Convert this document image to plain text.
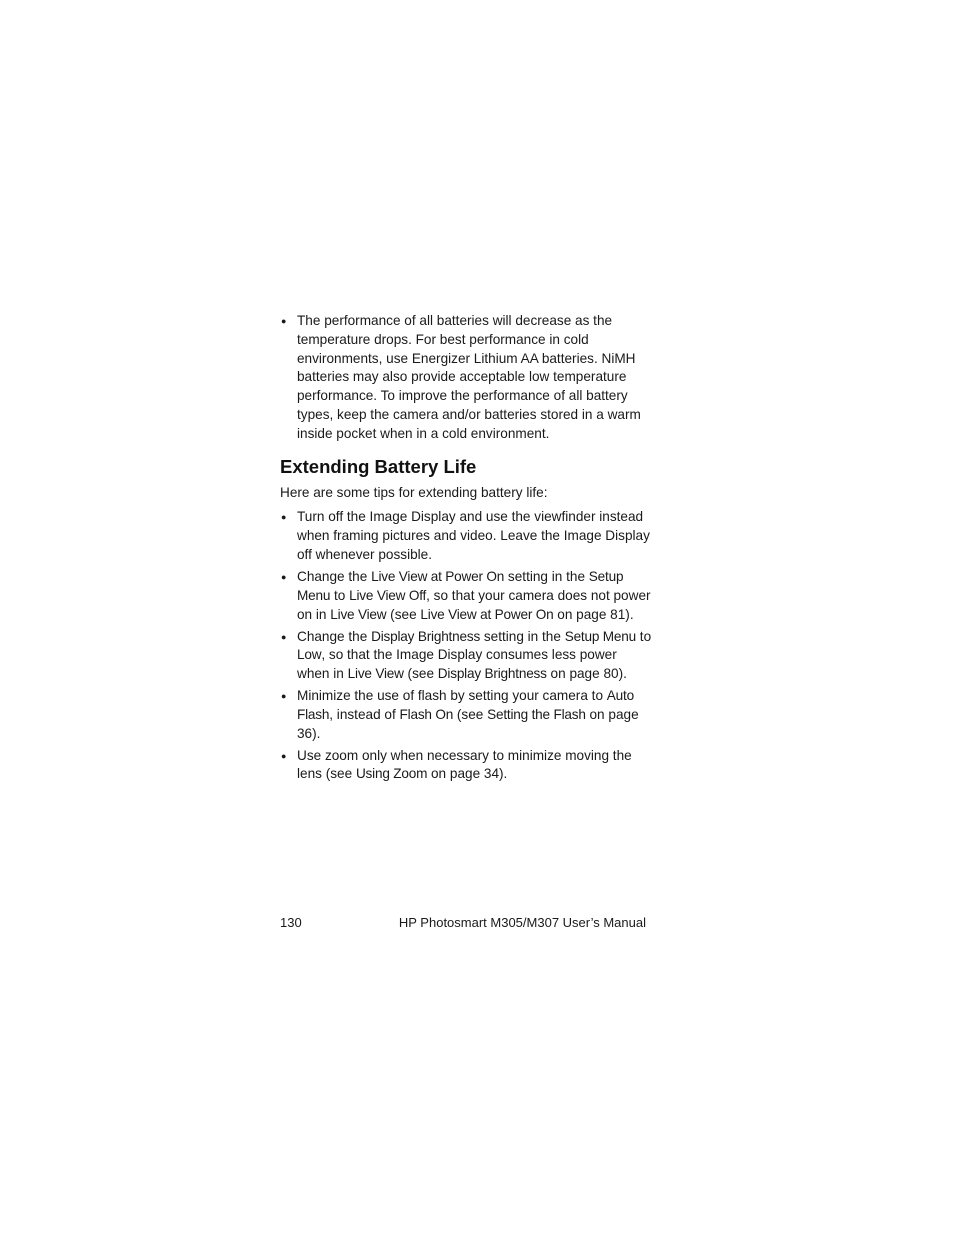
● The performance of all batteries will decrease as the temperature drops. For best performance in cold environments, use Energizer Lithium AA batteries. NiMH batteries may also provide acceptable low temperature performance. To improve the performance of all battery types, keep the camera and/or batteries stored in a warm inside pocket when in a cold environment.
Extending Battery Life

Here are some tips for extending battery life:

● Turn off the Image Display and use the viewfinder instead when framing pictures and video. Leave the Image Display off whenever possible.
● Change the Live View at Power On setting in the Setup Menu to Live View Off, so that your camera does not power on in Live View (see Live View at Power On on page 81).
● Change the Display Brightness setting in the Setup Menu to Low, so that the Image Display consumes less power when in Live View (see Display Brightness on page 80).
● Minimize the use of flash by setting your camera to Auto Flash, instead of Flash On (see Setting the Flash on page 36).
● Use zoom only when necessary to minimize moving the lens (see Using Zoom on page 34).
130	HP Photosmart M305/M307 User’s Manual
